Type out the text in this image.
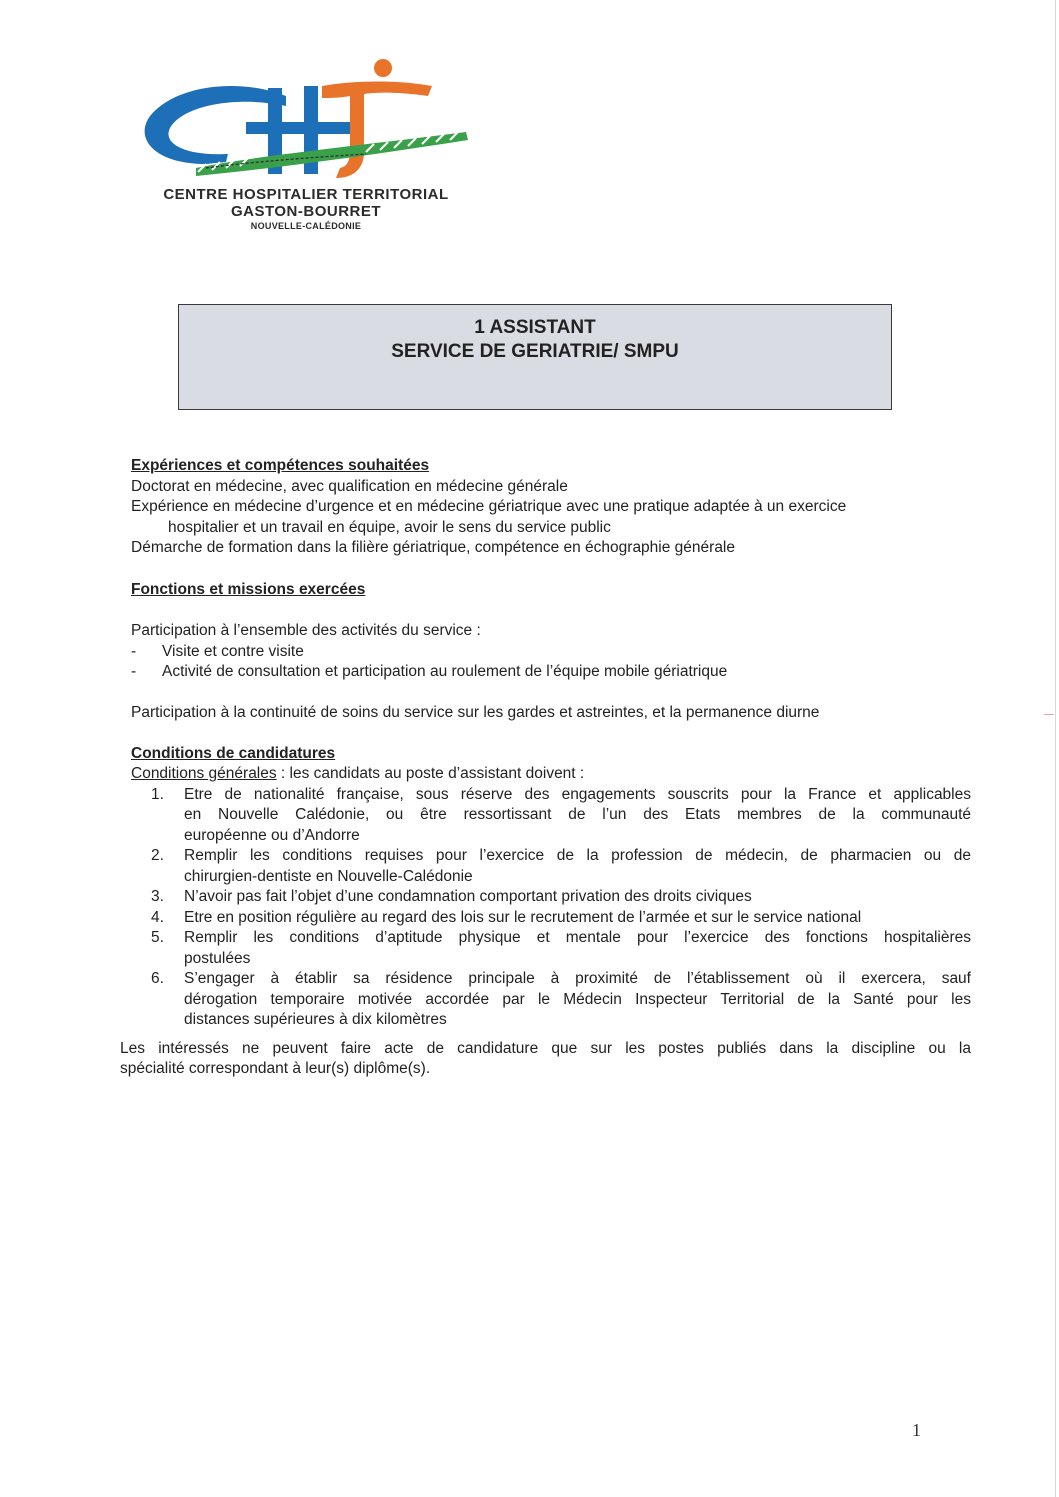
CENTRE HOSPITALIER TERRITORIAL
GASTON-BOURRET
NOUVELLE-CALÉDONIE
1 ASSISTANT
SERVICE DE GERIATRIE/ SMPU
Expériences et compétences souhaitées
Doctorat en médecine, avec qualification en médecine générale
Expérience en médecine d’urgence et en médecine gériatrique avec une pratique adaptée à un exercice
hospitalier et un travail en équipe, avoir le sens du service public
Démarche de formation dans la filière gériatrique, compétence en échographie générale
Fonctions et missions exercées
Participation à l’ensemble des activités du service :
- Visite et contre visite
- Activité de consultation et participation au roulement de l’équipe mobile gériatrique
Participation à la continuité de soins du service sur les gardes et astreintes, et la permanence diurne
Conditions de candidatures
Conditions générales : les candidats au poste d’assistant doivent :
1. Etre de nationalité française, sous réserve des engagements souscrits pour la France et applicables
en Nouvelle Calédonie, ou être ressortissant de l’un des Etats membres de la communauté
européenne ou d’Andorre
2. Remplir les conditions requises pour l’exercice de la profession de médecin, de pharmacien ou de
chirurgien-dentiste en Nouvelle-Calédonie
3. N’avoir pas fait l’objet d’une condamnation comportant privation des droits civiques
4. Etre en position régulière au regard des lois sur le recrutement de l’armée et sur le service national
5. Remplir les conditions d’aptitude physique et mentale pour l’exercice des fonctions hospitalières
postulées
6. S’engager à établir sa résidence principale à proximité de l’établissement où il exercera, sauf
dérogation temporaire motivée accordée par le Médecin Inspecteur Territorial de la Santé pour les
distances supérieures à dix kilomètres
Les intéressés ne peuvent faire acte de candidature que sur les postes publiés dans la discipline ou la
spécialité correspondant à leur(s) diplôme(s).
1
